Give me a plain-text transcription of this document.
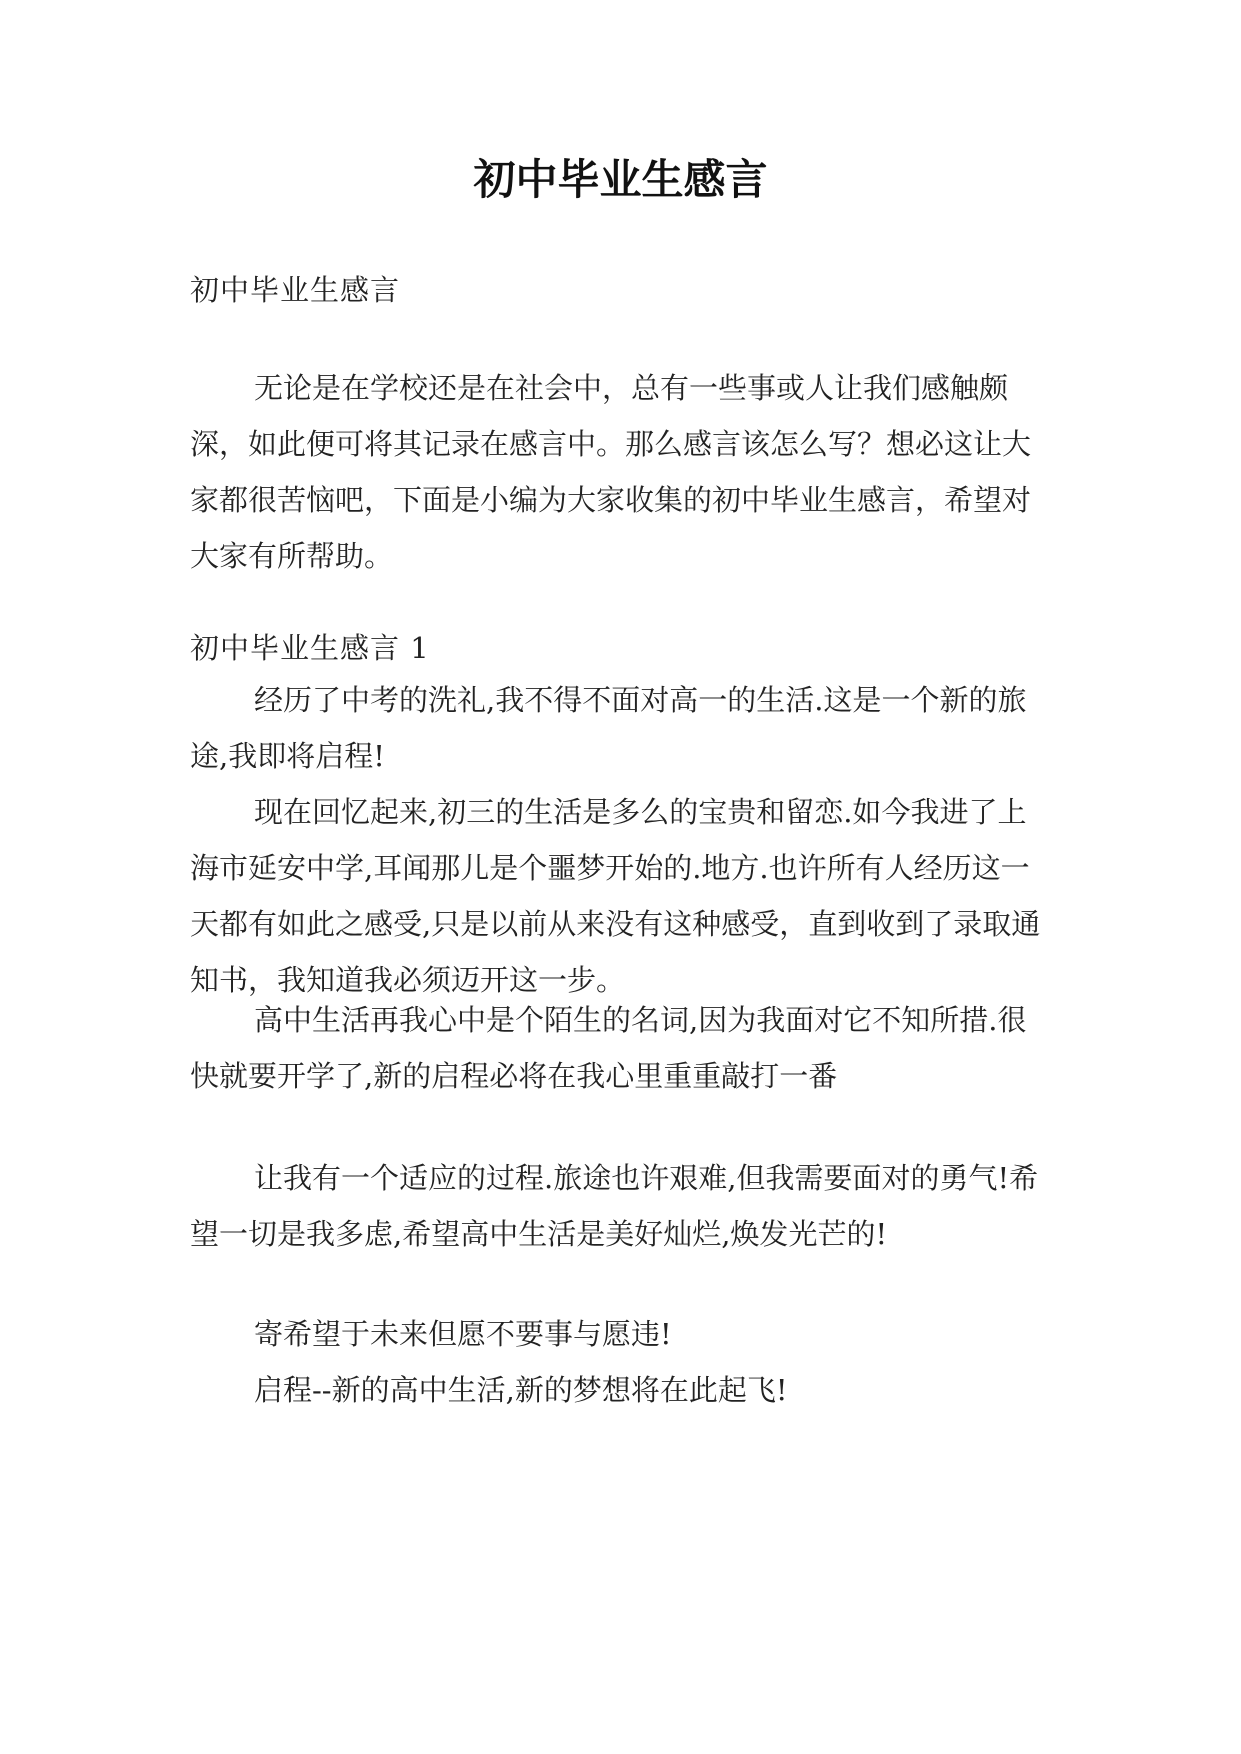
初中毕业生感言

初中毕业生感言

无论是在学校还是在社会中，总有一些事或人让我们感触颇深，如此便可将其记录在感言中。那么感言该怎么写？想必这让大家都很苦恼吧，下面是小编为大家收集的初中毕业生感言，希望对大家有所帮助。

初中毕业生感言 1

经历了中考的洗礼,我不得不面对高一的生活.这是一个新的旅途,我即将启程!

现在回忆起来,初三的生活是多么的宝贵和留恋.如今我进了上海市延安中学,耳闻那儿是个噩梦开始的.地方.也许所有人经历这一天都有如此之感受,只是以前从来没有这种感受，直到收到了录取通知书，我知道我必须迈开这一步。

高中生活再我心中是个陌生的名词,因为我面对它不知所措.很快就要开学了,新的启程必将在我心里重重敲打一番

让我有一个适应的过程.旅途也许艰难,但我需要面对的勇气!希望一切是我多虑,希望高中生活是美好灿烂,焕发光芒的!

寄希望于未来但愿不要事与愿违!

启程--新的高中生活,新的梦想将在此起飞!
